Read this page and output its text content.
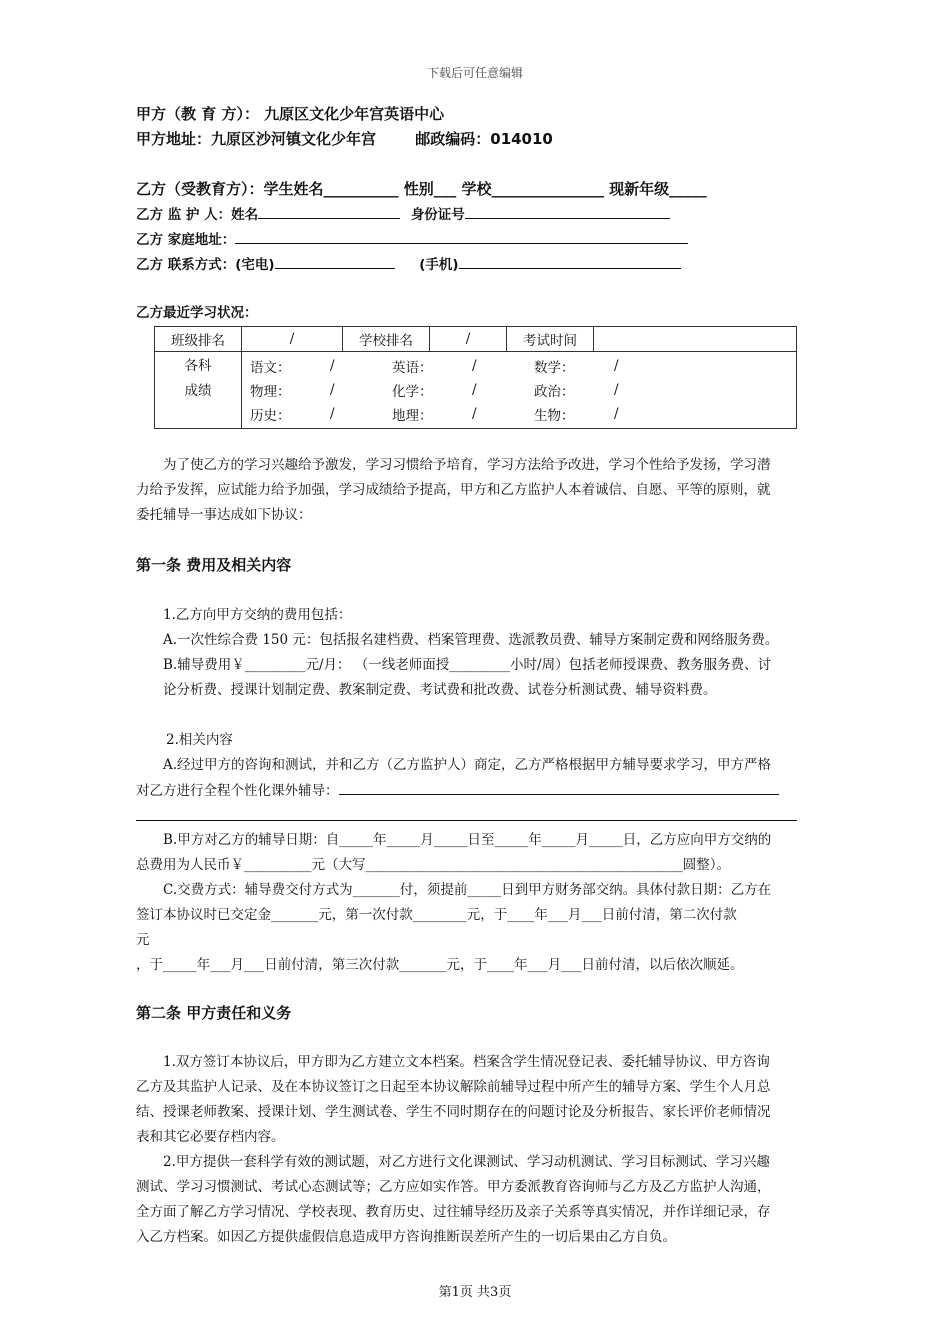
下载后可任意编辑
甲方（教 育 方）： 九原区文化少年宫英语中心
甲方地址：九原区沙河镇文化少年宫	邮政编码：014010
乙方（受教育方）：学生姓名__________ 性别___ 学校_______________ 现新年级_____
乙方 监 护 人：姓名	身份证号
乙方 家庭地址：
乙方 联系方式：(宅电)	(手机)
乙方最近学习状况：
班级排名	/	学校排名	/	考试时间	

各科
成绩

语文：	/	英语：	/	数学：	/
物理：	/	化学：	/	政治：	/
历史：	/	地理：	/	生物：	/
为了使乙方的学习兴趣给予激发，学习习惯给予培育，学习方法给予改进，学习个性给予发扬，学习潜
力给予发挥，应试能力给予加强，学习成绩给予提高，甲方和乙方监护人本着诚信、自愿、平等的原则，就
委托辅导一事达成如下协议：
第一条 费用及相关内容
1.乙方向甲方交纳的费用包括：
A.一次性综合费 150 元：包括报名建档费、档案管理费、选派教员费、辅导方案制定费和网络服务费。
B.辅导费用￥_________元/月： （一线老师面授_________小时/周）包括老师授课费、教务服务费、讨
论分析费、授课计划制定费、教案制定费、考试费和批改费、试卷分析测试费、辅导资料费。
2.相关内容
A.经过甲方的咨询和测试，并和乙方（乙方监护人）商定，乙方严格根据甲方辅导要求学习，甲方严格
对乙方进行全程个性化课外辅导：
B.甲方对乙方的辅导日期：自_____年_____月_____日至_____年_____月_____日，乙方应向甲方交纳的
总费用为人民币￥__________元（大写_______________________________________________圆整）。
C.交费方式：辅导费交付方式为_______付，须提前_____日到甲方财务部交纳。具体付款日期：乙方在
签订本协议时已交定金_______元，第一次付款________元，于____年___月___日前付清，第二次付款
元
，于_____年___月___日前付清，第三次付款_______元，于____年___月___日前付清，以后依次顺延。
第二条 甲方责任和义务
1.双方签订本协议后，甲方即为乙方建立文本档案。档案含学生情况登记表、委托辅导协议、甲方咨询
乙方及其监护人记录、及在本协议签订之日起至本协议解除前辅导过程中所产生的辅导方案、学生个人月总
结、授课老师教案、授课计划、学生测试卷、学生不同时期存在的问题讨论及分析报告、家长评价老师情况
表和其它必要存档内容。
2.甲方提供一套科学有效的测试题，对乙方进行文化课测试、学习动机测试、学习目标测试、学习兴趣
测试、学习习惯测试、考试心态测试等；乙方应如实作答。甲方委派教育咨询师与乙方及乙方监护人沟通，
全方面了解乙方学习情况、学校表现、教育历史、过往辅导经历及亲子关系等真实情况，并作详细记录，存
入乙方档案。如因乙方提供虚假信息造成甲方咨询推断误差所产生的一切后果由乙方自负。
第1页 共3页
